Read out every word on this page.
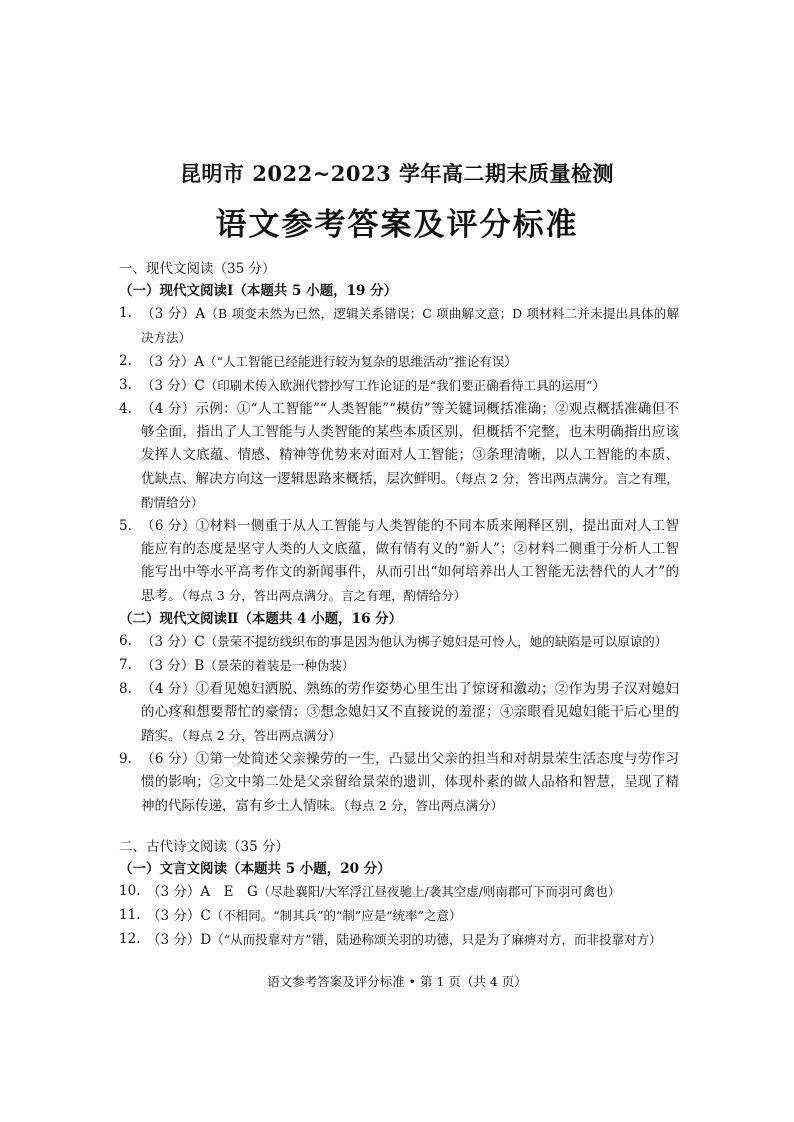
昆明市 2022~2023 学年高二期末质量检测
语文参考答案及评分标准
一、现代文阅读（35 分）
（一）现代文阅读Ⅰ（本题共 5 小题，19 分）
1. （3 分）A（B 项变未然为已然，逻辑关系错误；C 项曲解文意；D 项材料二并未提出具体的解决方法）
2. （3 分）A（“人工智能已经能进行较为复杂的思维活动”推论有误）
3. （3 分）C（印刷术传入欧洲代替抄写工作论证的是“我们要正确看待工具的运用”）
4. （4 分）示例：①“人工智能”“人类智能”“模仿”等关键词概括准确；②观点概括准确但不够全面，指出了人工智能与人类智能的某些本质区别，但概括不完整，也未明确指出应该发挥人文底蕴、情感、精神等优势来对面对人工智能；③条理清晰，以人工智能的本质、优缺点、解决方向这一逻辑思路来概括，层次鲜明。（每点 2 分，答出两点满分。言之有理，酌情给分）
5. （6 分）①材料一侧重于从人工智能与人类智能的不同本质来阐释区别，提出面对人工智能应有的态度是坚守人类的人文底蕴，做有情有义的“新人”；②材料二侧重于分析人工智能写出中等水平高考作文的新闻事件，从而引出“如何培养出人工智能无法替代的人才”的思考。（每点 3 分，答出两点满分。言之有理，酌情给分）
（二）现代文阅读Ⅱ（本题共 4 小题，16 分）
6. （3 分）C（景荣不提纺线织布的事是因为他认为梆子媳妇是可怜人，她的缺陷是可以原谅的）
7. （3 分）B（景荣的着装是一种伪装）
8. （4 分）①看见媳妇洒脱、熟练的劳作姿势心里生出了惊讶和激动；②作为男子汉对媳妇的心疼和想要帮忙的豪情；③想念媳妇又不直接说的羞涩；④亲眼看见媳妇能干后心里的踏实。（每点 2 分，答出两点满分）
9. （6 分）①第一处简述父亲操劳的一生，凸显出父亲的担当和对胡景荣生活态度与劳作习惯的影响；②文中第二处是父亲留给景荣的遗训，体现朴素的做人品格和智慧，呈现了精神的代际传递，富有乡土人情味。（每点 2 分，答出两点满分）
二、古代诗文阅读（35 分）
（一）文言文阅读（本题共 5 小题，20 分）
10. （3 分）A　E　G（尽赴襄阳/大军浮江昼夜驰上/袭其空虚/则南郡可下而羽可禽也）
11. （3 分）C（不相同。“制其兵”的“制”应是“统率”之意）
12. （3 分）D（“从而投靠对方”错，陆逊称颂关羽的功德，只是为了麻痹对方，而非投靠对方）
语文参考答案及评分标准 • 第 1 页（共 4 页）
